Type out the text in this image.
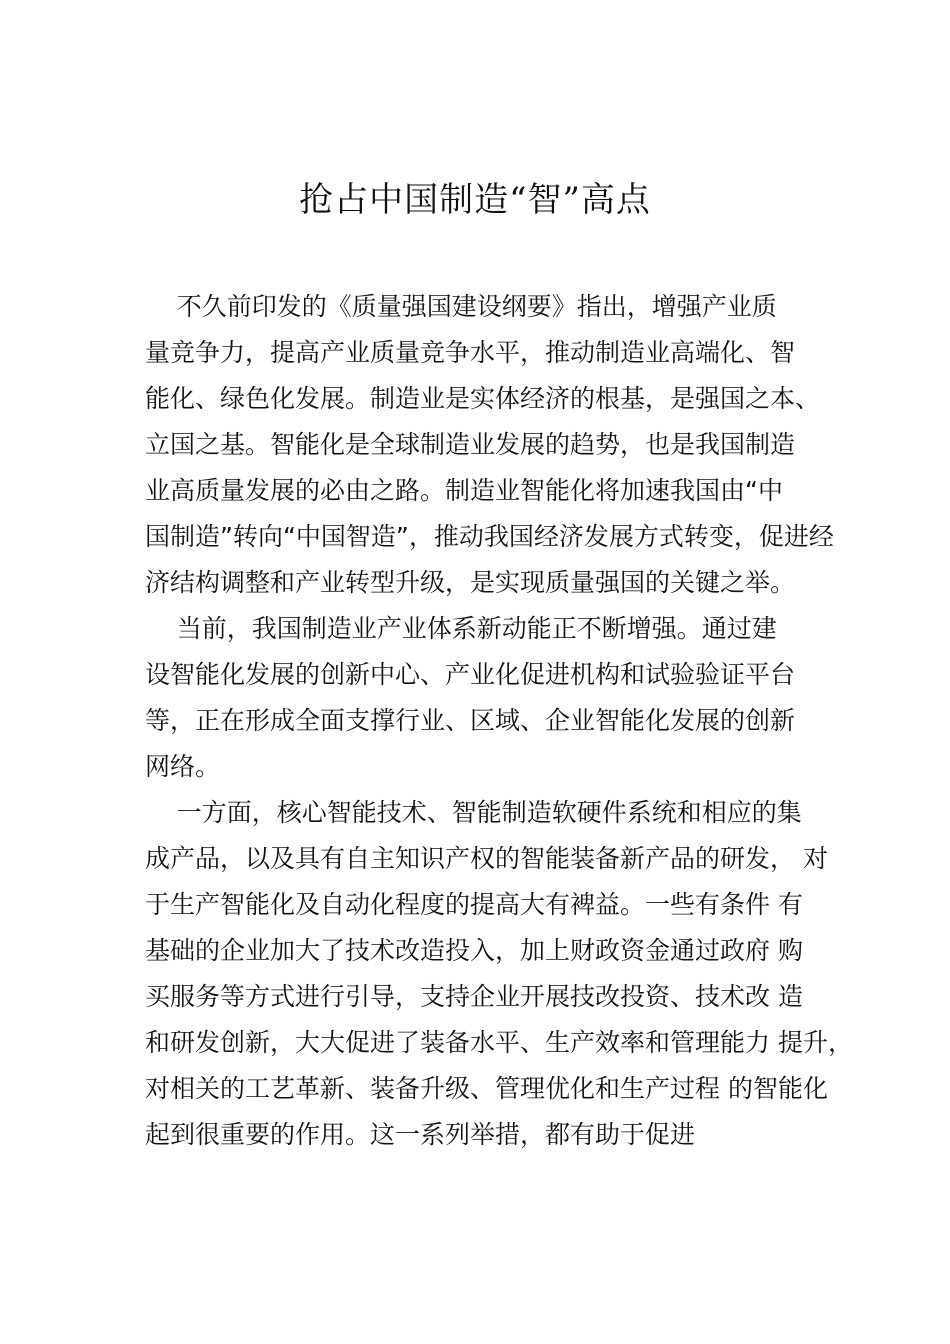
抢占中国制造“智”高点
不久前印发的《质量强国建设纲要》指出，增强产业质
量竞争力，提高产业质量竞争水平，推动制造业高端化、智
能化、绿色化发展。制造业是实体经济的根基，是强国之本、
立国之基。智能化是全球制造业发展的趋势，也是我国制造
业高质量发展的必由之路。制造业智能化将加速我国由“中
国制造”转向“中国智造”，推动我国经济发展方式转变，促进经
济结构调整和产业转型升级，是实现质量强国的关键之举。
当前，我国制造业产业体系新动能正不断增强。通过建
设智能化发展的创新中心、产业化促进机构和试验验证平台
等，正在形成全面支撑行业、区域、企业智能化发展的创新
网络。
一方面，核心智能技术、智能制造软硬件系统和相应的集
成产品，以及具有自主知识产权的智能装备新产品的研发， 对
于生产智能化及自动化程度的提高大有裨益。一些有条件 有
基础的企业加大了技术改造投入，加上财政资金通过政府 购
买服务等方式进行引导，支持企业开展技改投资、技术改 造
和研发创新，大大促进了装备水平、生产效率和管理能力 提升，
对相关的工艺革新、装备升级、管理优化和生产过程 的智能化
起到很重要的作用。这一系列举措，都有助于促进
